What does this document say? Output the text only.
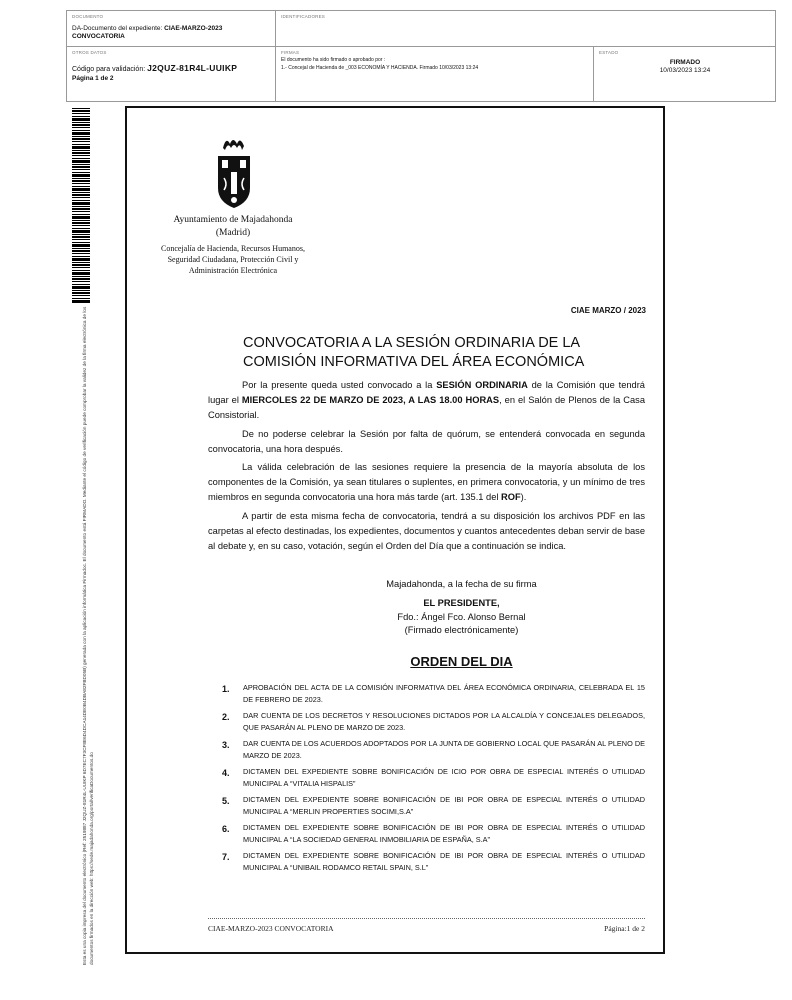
DOCUMENTO
DA-Documento del expediente: CIAE-MARZO-2023
CONVOCATORIA
IDENTIFICADORES
OTROS DATOS
Código para validación: J2QUZ-81R4L-UUIKP
Página 1 de 2
FIRMAS
El documento ha sido firmado o aprobado por :
1.- Concejal de Hacienda de _003 ECONOMÍA Y HACIENDA. Firmado 10/03/2023 13:24
ESTADO
FIRMADO
10/03/2023 13:24
Esta es una copia impresa del documento electrónico (Ref: 2519887 J2QUZ-81R4L-UUIKP 6D7EC7F3CF8E6D4DCA14DE0B4DBA82FBD05B) generada con la aplicación informática Firmadoc. El documento está FIRMADO. Mediante el código de verificación puede comprobar la validez de la firma electrónica de los documentos firmados en la dirección web: https://sede.majadahonda.org/portal/verificaDocumentos.do
Ayuntamiento de Majadahonda
(Madrid)
Concejalía de Hacienda, Recursos Humanos, Seguridad Ciudadana, Protección Civil y Administración Electrónica
CIAE MARZO / 2023
CONVOCATORIA A LA SESIÓN ORDINARIA DE LA
COMISIÓN INFORMATIVA DEL ÁREA ECONÓMICA

Por la presente queda usted convocado a la SESIÓN ORDINARIA de la Comisión que tendrá lugar el MIERCOLES 22 DE MARZO DE 2023, A LAS 18.00 HORAS, en el Salón de Plenos de la Casa Consistorial.

De no poderse celebrar la Sesión por falta de quórum, se entenderá convocada en segunda convocatoria, una hora después.

La válida celebración de las sesiones requiere la presencia de la mayoría absoluta de los componentes de la Comisión, ya sean titulares o suplentes, en primera convocatoria, y un mínimo de tres miembros en segunda convocatoria una hora más tarde (art. 135.1 del ROF).

A partir de esta misma fecha de convocatoria, tendrá a su disposición los archivos PDF en las carpetas al efecto destinadas, los expedientes, documentos y cuantos antecedentes deban servir de base al debate y, en su caso, votación, según el Orden del Día que a continuación se indica.

Majadahonda, a la fecha de su firma
EL PRESIDENTE,
Fdo.: Ángel Fco. Alonso Bernal
(Firmado electrónicamente)
ORDEN DEL DIA
1.	APROBACIÓN DEL ACTA DE LA COMISIÓN INFORMATIVA DEL ÁREA ECONÓMICA ORDINARIA, CELEBRADA EL 15 DE FEBRERO DE 2023.
2.	DAR CUENTA DE LOS DECRETOS Y RESOLUCIONES DICTADOS POR LA ALCALDÍA Y CONCEJALES DELEGADOS, QUE PASARÁN AL PLENO DE MARZO DE 2023.
3.	DAR CUENTA DE LOS ACUERDOS ADOPTADOS POR LA JUNTA DE GOBIERNO LOCAL QUE PASARÁN AL PLENO DE MARZO DE 2023.
4.	DICTAMEN DEL EXPEDIENTE SOBRE BONIFICACIÓN DE ICIO POR OBRA DE ESPECIAL INTERÉS O UTILIDAD MUNICIPAL A “VITALIA HISPALIS”
5.	DICTAMEN DEL EXPEDIENTE SOBRE BONIFICACIÓN DE IBI POR OBRA DE ESPECIAL INTERÉS O UTILIDAD MUNICIPAL A “MERLIN PROPERTIES SOCIMI,S.A”
6.	DICTAMEN DEL EXPEDIENTE SOBRE BONIFICACIÓN DE IBI POR OBRA DE ESPECIAL INTERÉS O UTILIDAD MUNICIPAL A “LA SOCIEDAD GENERAL INMOBILIARIA DE ESPAÑA, S.A”
7.	DICTAMEN DEL EXPEDIENTE SOBRE BONIFICACIÓN DE IBI POR OBRA DE ESPECIAL INTERÉS O UTILIDAD MUNICIPAL A “UNIBAIL RODAMCO RETAIL SPAIN, S.L”
CIAE-MARZO-2023 CONVOCATORIA	Página:1 de 2
